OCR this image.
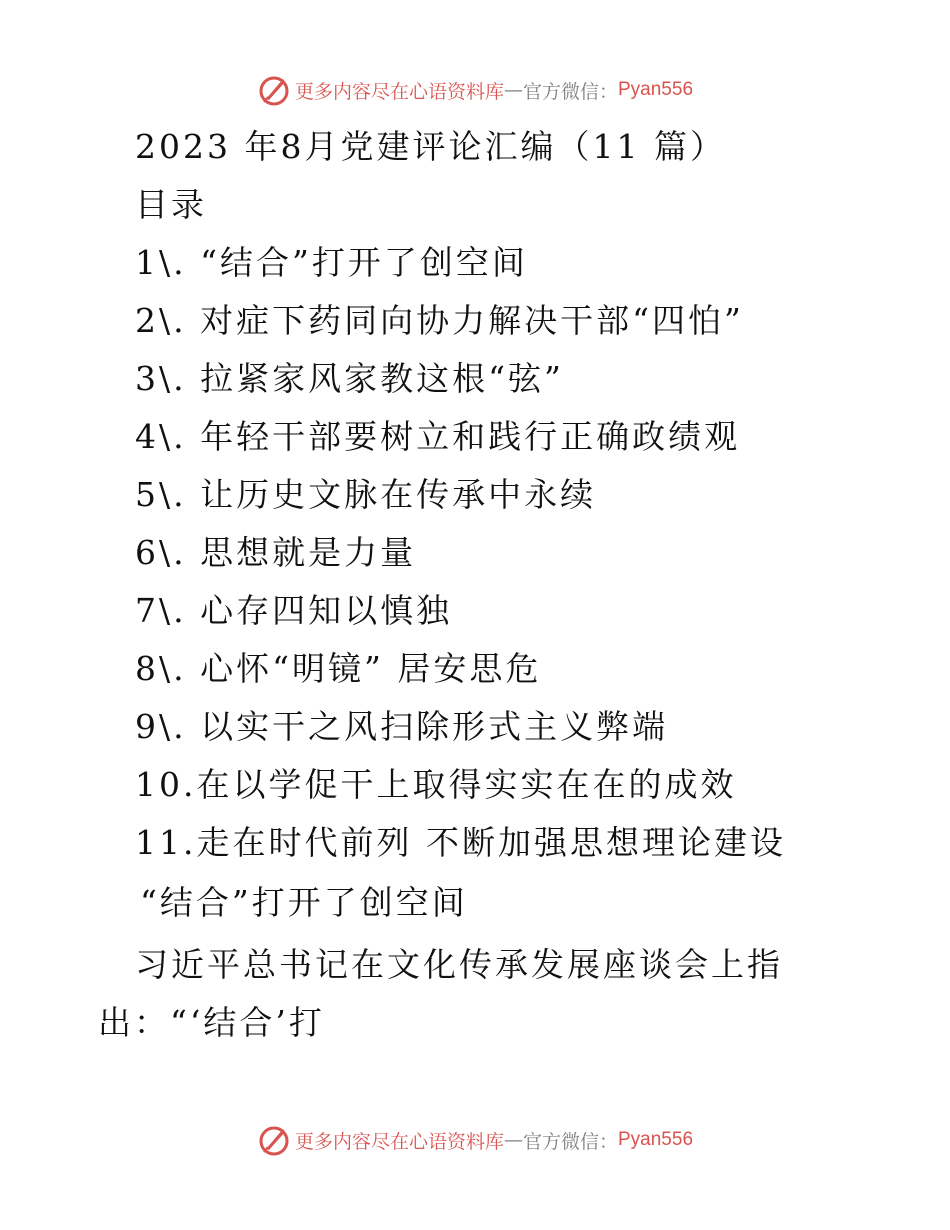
更多内容尽在心语资料库 — 官方微信： Pyan556
2023 年8月党建评论汇编（11 篇）
目录
1\. “结合”打开了创空间
2\. 对症下药同向协力解决干部“四怕”
3\. 拉紧家风家教这根“弦”
4\. 年轻干部要树立和践行正确政绩观
5\. 让历史文脉在传承中永续
6\. 思想就是力量
7\. 心存四知以慎独
8\. 心怀“明镜” 居安思危
9\. 以实干之风扫除形式主义弊端
10.在以学促干上取得实实在在的成效
11.走在时代前列 不断加强思想理论建设
“结合”打开了创空间
习近平总书记在文化传承发展座谈会上指
出：“‘结合’打
更多内容尽在心语资料库 — 官方微信： Pyan556
